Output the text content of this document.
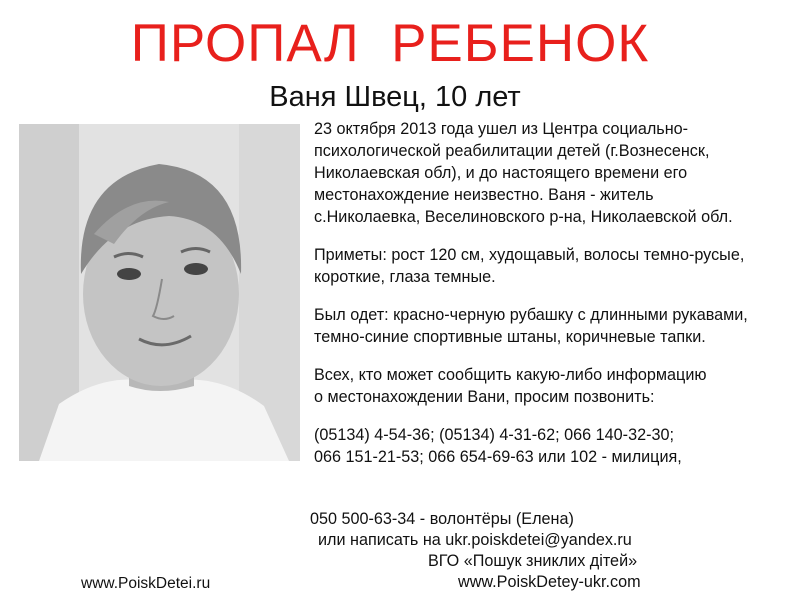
ПРОПАЛ  РЕБЕНОК
Ваня Швец, 10 лет

23 октября 2013 года ушел из Центра социально-
психологической реабилитации детей (г.Вознесенск,
Николаевская обл), и до настоящего времени его
местонахождение неизвестно. Ваня - житель
с.Николаевка, Веселиновского р-на, Николаевской обл.

Приметы: рост 120 см, худощавый, волосы темно-русые,
короткие, глаза темные.

Был одет: красно-черную рубашку с длинными рукавами,
темно-синие спортивные штаны, коричневые тапки.

Всех, кто может сообщить какую-либо информацию
о местонахождении Вани, просим позвонить:

(05134) 4-54-36; (05134) 4-31-62; 066 140-32-30;
066 151-21-53; 066 654-69-63 или 102 - милиция,

050 500-63-34 - волонтёры (Елена)
или написать на ukr.poiskdetei@yandex.ru
ВГО «Пошук зниклих дітей»
www.PoiskDetey-ukr.com
www.PoiskDetei.ru
